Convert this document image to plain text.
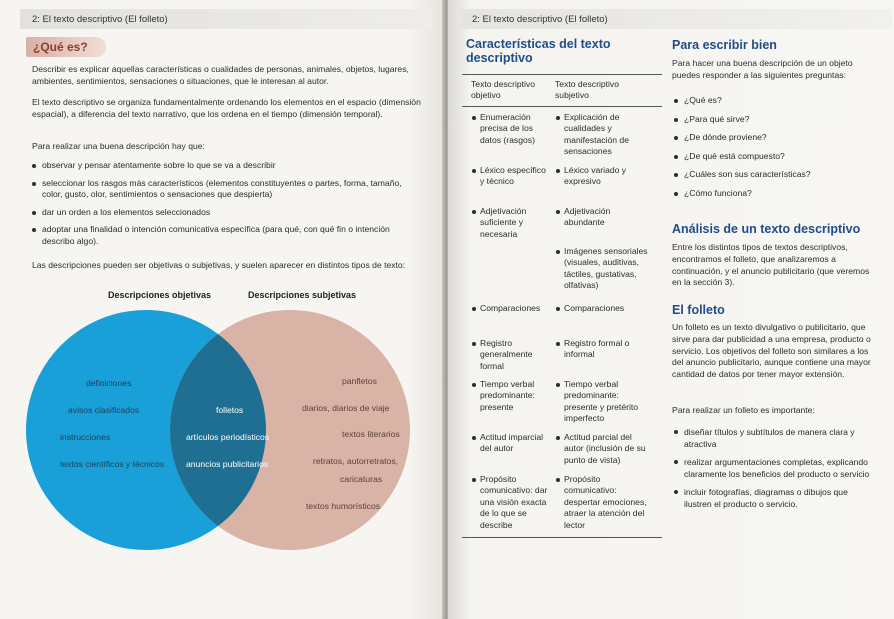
2: El texto descriptivo (El folleto)
¿Qué es?
Describir es explicar aquellas características o cualidades de personas, animales, objetos, lugares, ambientes, sentimientos, sensaciones o situaciones, que le interesan al autor.
El texto descriptivo se organiza fundamentalmente ordenando los elementos en el espacio (dimensión espacial), a diferencia del texto narrativo, que los ordena en el tiempo (dimensión temporal).
Para realizar una buena descripción hay que:
observar y pensar atentamente sobre lo que se va a describir
seleccionar los rasgos más característicos (elementos constituyentes o partes, forma, tamaño, color, gusto, olor, sentimientos o sensaciones que despierta)
dar un orden a los elementos seleccionados
adoptar una finalidad o intención comunicativa específica (para qué, con qué fin o intención describo algo).
Las descripciones pueden ser objetivas o subjetivas, y suelen aparecer en distintos tipos de texto:
Descripciones objetivas	Descripciones subjetivas
definiciones
avisos clasificados
instrucciones
textos científicos y técnicos
folletos
artículos periodísticos
anuncios publicitarios
panfletos
diarios, diarios de viaje
textos literarios
retratos, autorretratos,
caricaturas
textos humorísticos
2: El texto descriptivo (El folleto)
Características del texto descriptivo
Texto descriptivo objetivo
Texto descriptivo subjetivo
Enumeración precisa de los datos (rasgos)
Explicación de cualidades y manifestación de sensaciones
Léxico específico y técnico
Léxico variado y expresivo
Adjetivación suficiente y necesaria
Adjetivación abundante
Imágenes sensoriales (visuales, auditivas, táctiles, gustativas, olfativas)
Comparaciones	Comparaciones
Registro generalmente formal
Registro formal o informal
Tiempo verbal predominante: presente
Tiempo verbal predominante: presente y pretérito imperfecto
Actitud imparcial del autor
Actitud parcial del autor (inclusión de su punto de vista)
Propósito comunicativo: dar una visión exacta de lo que se describe
Propósito comunicativo: despertar emociones, atraer la atención del lector
Para escribir bien
Para hacer una buena descripción de un objeto puedes responder a las siguientes preguntas:
¿Qué es?
¿Para qué sirve?
¿De dónde proviene?
¿De qué está compuesto?
¿Cuáles son sus características?
¿Cómo funciona?
Análisis de un texto descriptivo
Entre los distintos tipos de textos descriptivos, encontramos el folleto, que analizaremos a continuación, y el anuncio publicitario (que veremos en la sección 3).
El folleto
Un folleto es un texto divulgativo o publicitario, que sirve para dar publicidad a una empresa, producto o servicio. Los objetivos del folleto son similares a los del anuncio publicitario, aunque contiene una mayor cantidad de datos por tener mayor extensión.
Para realizar un folleto es importante:
diseñar títulos y subtítulos de manera clara y atractiva
realizar argumentaciones completas, explicando claramente los beneficios del producto o servicio
incluir fotografías, diagramas o dibujos que ilustren el producto o servicio.
